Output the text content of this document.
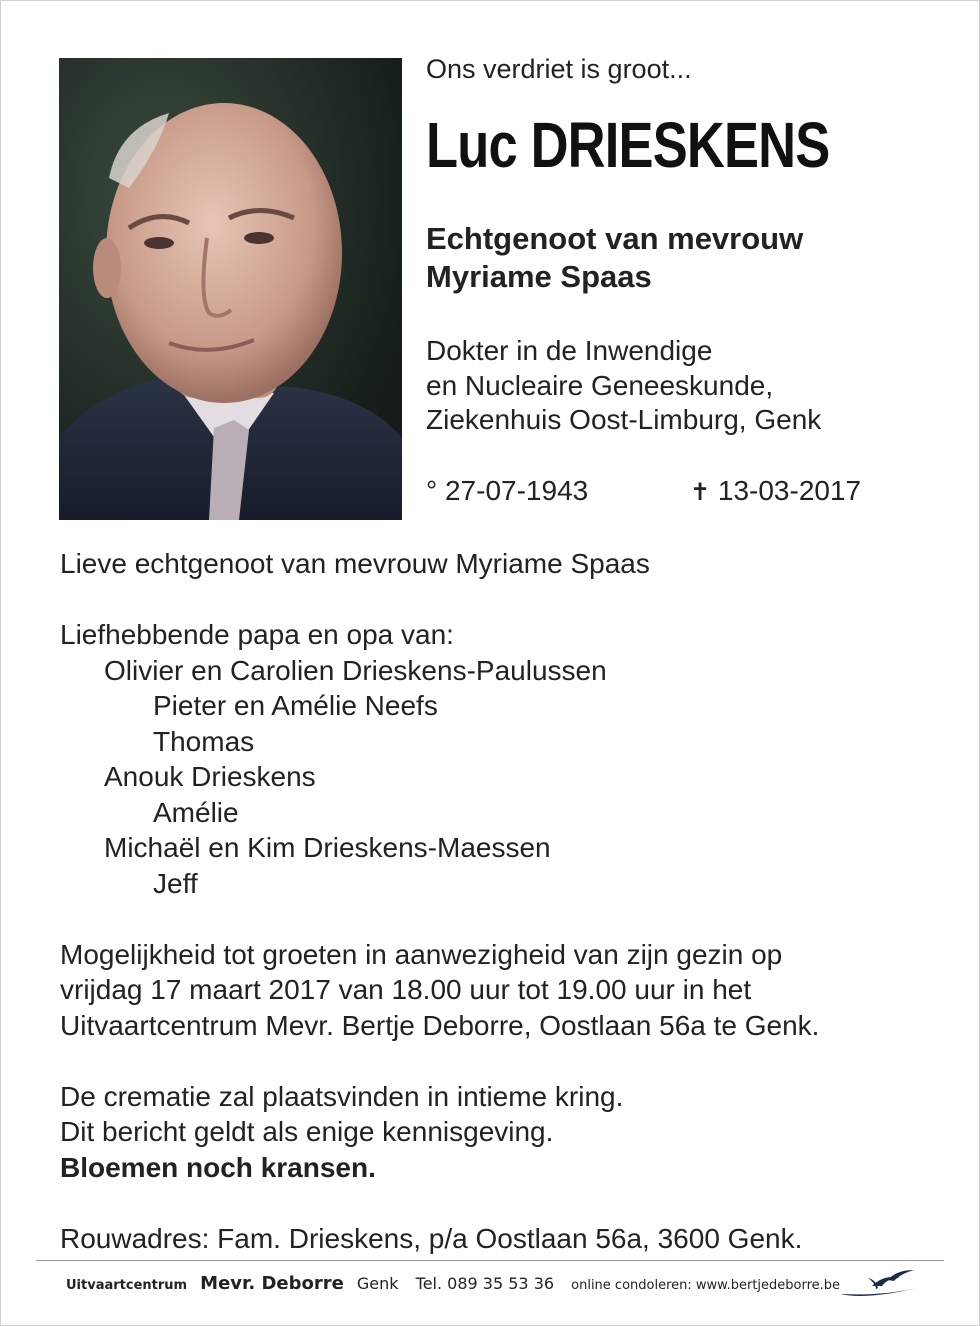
Ons verdriet is groot...
Luc DRIESKENS
Echtgenoot van mevrouw
Myriame Spaas
Dokter in de Inwendige
en Nucleaire Geneeskunde,
Ziekenhuis Oost-Limburg, Genk
° 27-07-1943	✝ 13-03-2017

Lieve echtgenoot van mevrouw Myriame Spaas

Liefhebbende papa en opa van:

Olivier en Carolien Drieskens-Paulussen

Pieter en Amélie Neefs

Thomas

Anouk Drieskens

Amélie

Michaël en Kim Drieskens-Maessen

Jeff

Mogelijkheid tot groeten in aanwezigheid van zijn gezin op

vrijdag 17 maart 2017 van 18.00 uur tot 19.00 uur in het

Uitvaartcentrum Mevr. Bertje Deborre, Oostlaan 56a te Genk.

De crematie zal plaatsvinden in intieme kring.

Dit bericht geldt als enige kennisgeving.

Bloemen noch kransen.

Rouwadres: Fam. Drieskens, p/a Oostlaan 56a, 3600 Genk.

Uitvaartcentrum Mevr. Deborre Genk Tel. 089 35 53 36 online condoleren: www.bertjedeborre.be
